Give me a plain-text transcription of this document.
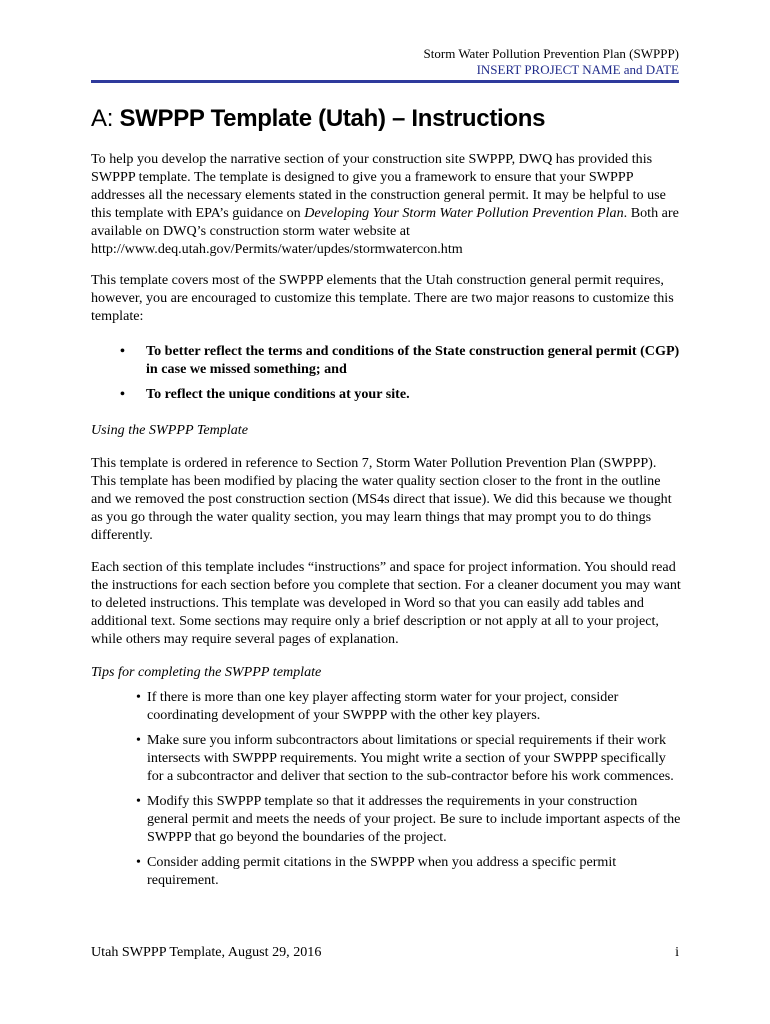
Storm Water Pollution Prevention Plan (SWPPP)
INSERT PROJECT NAME and DATE
A: SWPPP Template (Utah) – Instructions

To help you develop the narrative section of your construction site SWPPP, DWQ has provided this SWPPP template. The template is designed to give you a framework to ensure that your SWPPP addresses all the necessary elements stated in the construction general permit. It may be helpful to use this template with EPA’s guidance on Developing Your Storm Water Pollution Prevention Plan. Both are available on DWQ’s construction storm water website at http://www.deq.utah.gov/Permits/water/updes/stormwatercon.htm

This template covers most of the SWPPP elements that the Utah construction general permit requires, however, you are encouraged to customize this template. There are two major reasons to customize this template:

• To better reflect the terms and conditions of the State construction general permit (CGP) in case we missed something; and
• To reflect the unique conditions at your site.
Using the SWPPP Template

This template is ordered in reference to Section 7, Storm Water Pollution Prevention Plan (SWPPP). This template has been modified by placing the water quality section closer to the front in the outline and we removed the post construction section (MS4s direct that issue). We did this because we thought as you go through the water quality section, you may learn things that may prompt you to do things differently.

Each section of this template includes “instructions” and space for project information. You should read the instructions for each section before you complete that section. For a cleaner document you may want to deleted instructions. This template was developed in Word so that you can easily add tables and additional text. Some sections may require only a brief description or not apply at all to your project, while others may require several pages of explanation.

Tips for completing the SWPPP template
• If there is more than one key player affecting storm water for your project, consider coordinating development of your SWPPP with the other key players.
• Make sure you inform subcontractors about limitations or special requirements if their work intersects with SWPPP requirements. You might write a section of your SWPPP specifically for a subcontractor and deliver that section to the sub-contractor before his work commences.
• Modify this SWPPP template so that it addresses the requirements in your construction general permit and meets the needs of your project. Be sure to include important aspects of the SWPPP that go beyond the boundaries of the project.
• Consider adding permit citations in the SWPPP when you address a specific permit requirement.
Utah SWPPP Template, August 29, 2016	i
